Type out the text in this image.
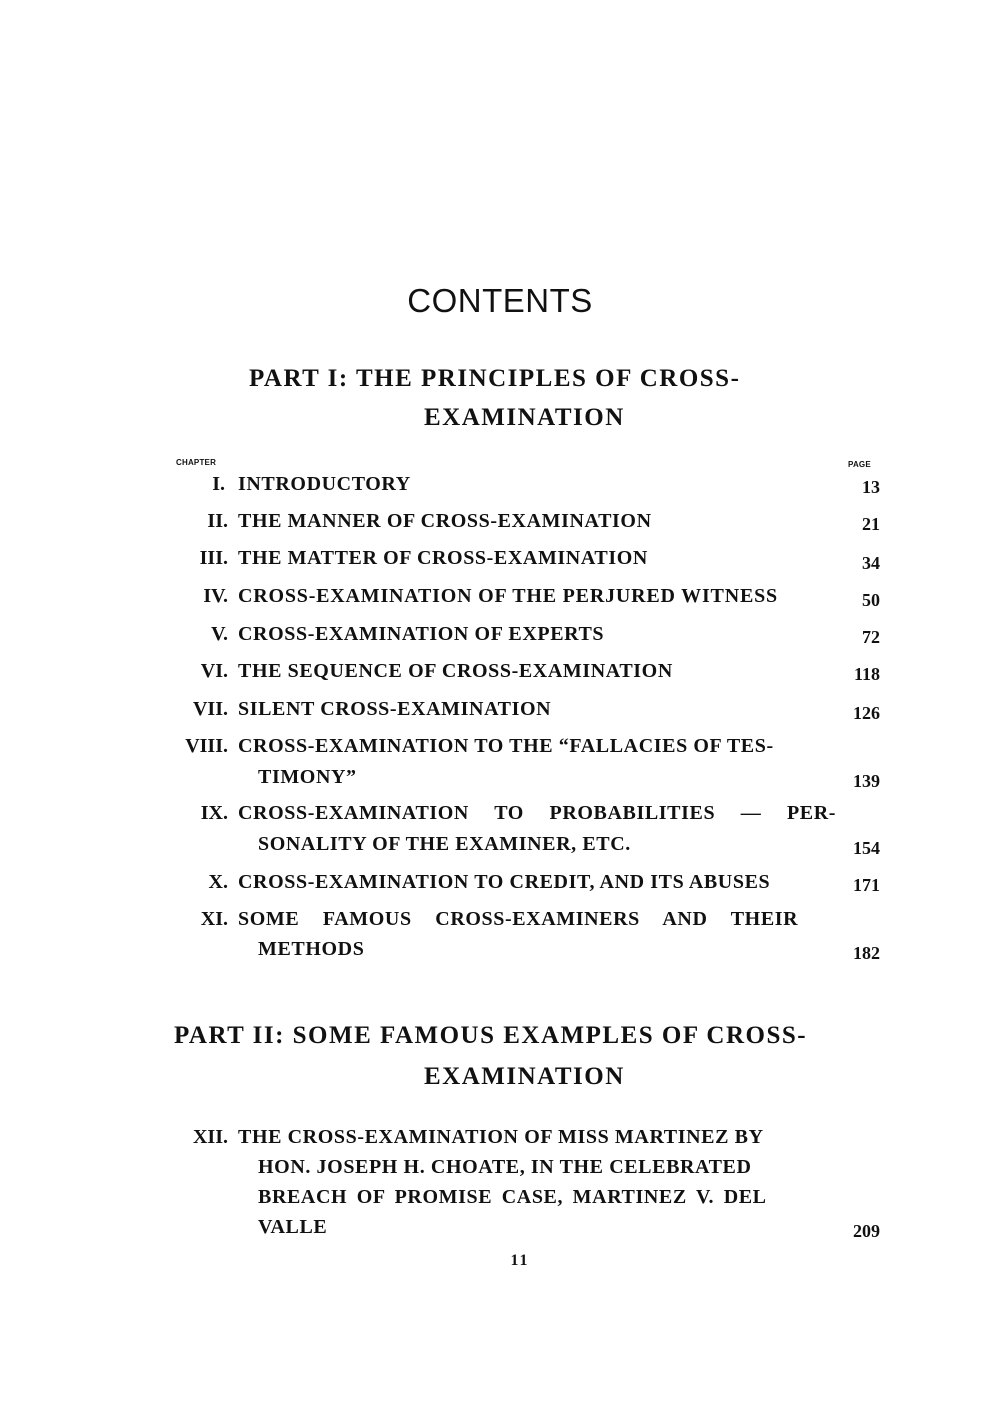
CONTENTS
PART I: THE PRINCIPLES OF CROSS-
EXAMINATION
CHAPTER	PAGE
I. INTRODUCTORY	13
II. THE MANNER OF CROSS-EXAMINATION	21
III. THE MATTER OF CROSS-EXAMINATION	34
IV. CROSS-EXAMINATION OF THE PERJURED WITNESS	50
V. CROSS-EXAMINATION OF EXPERTS	72
VI. THE SEQUENCE OF CROSS-EXAMINATION	118
VII. SILENT CROSS-EXAMINATION	126
VIII. CROSS-EXAMINATION TO THE “FALLACIES OF TES-
TIMONY”	139
IX. CROSS-EXAMINATION TO PROBABILITIES — PER-
SONALITY OF THE EXAMINER, ETC.	154
X. CROSS-EXAMINATION TO CREDIT, AND ITS ABUSES	171
XI. SOME FAMOUS CROSS-EXAMINERS AND THEIR
METHODS	182
PART II: SOME FAMOUS EXAMPLES OF CROSS-
EXAMINATION
XII. THE CROSS-EXAMINATION OF MISS MARTINEZ BY
HON. JOSEPH H. CHOATE, IN THE CELEBRATED
BREACH OF PROMISE CASE, MARTINEZ V. DEL
VALLE	209
11
